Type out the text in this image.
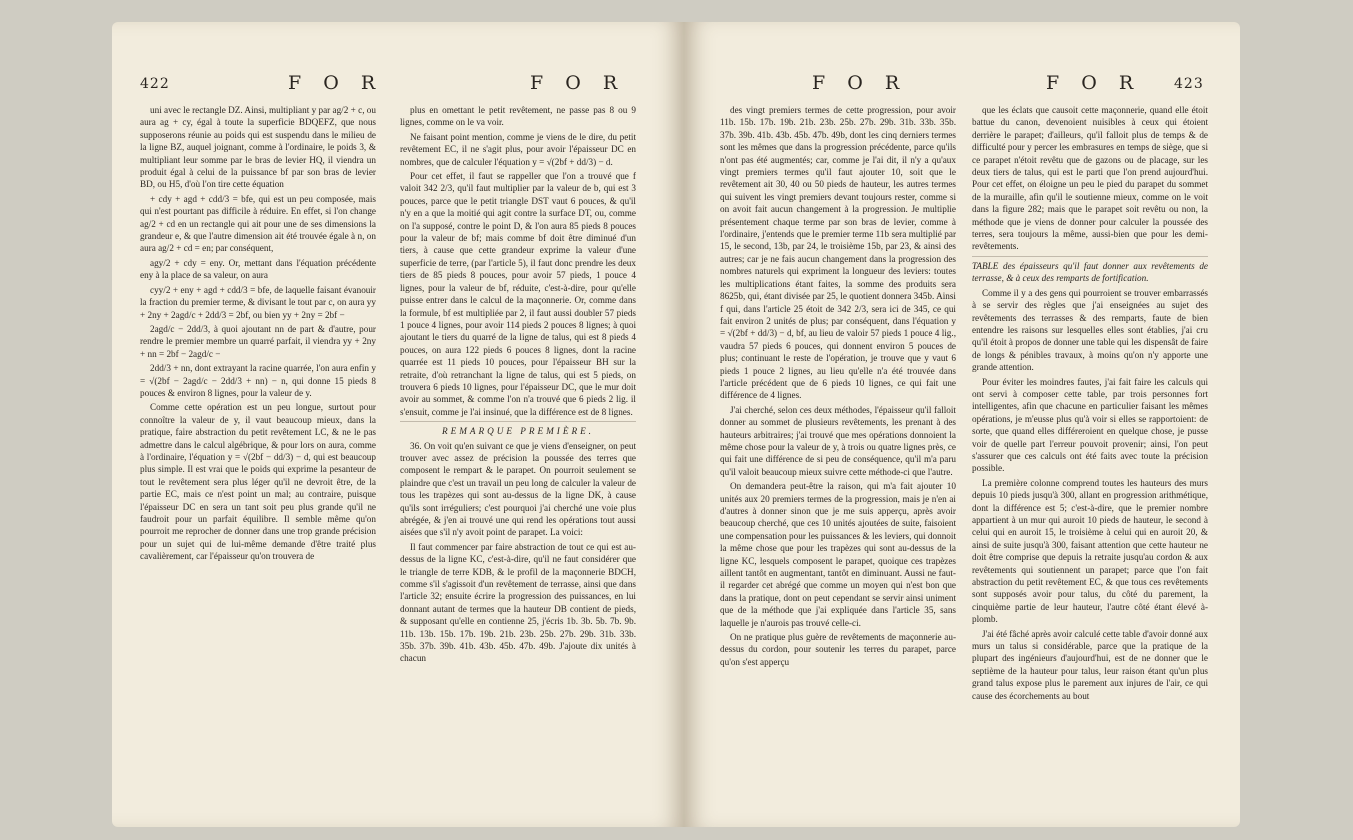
422	F O R	F O R

uni avec le rectangle DZ. Ainsi, multipliant y par ag/2 + c, ou aura ag + cy, égal à toute la superficie BDQEFZ, que nous supposerons réunie au poids qui est suspendu dans le milieu de la ligne BZ, auquel joignant, comme à l'ordinaire, le poids 3, & multipliant leur somme par le bras de levier HQ, il viendra un produit égal à celui de la puissance bf par son bras de levier BD, ou H5, d'où l'on tire cette équation

+ cdy + agd + cdd/3 = bfe, qui est un peu composée, mais qui n'est pourtant pas difficile à réduire. En effet, si l'on change ag/2 + cd en un rectangle qui ait pour une de ses dimensions la grandeur e, & que l'autre dimension ait été trouvée égale à n, on aura ag/2 + cd = en; par conséquent,

agy/2 + cdy = eny. Or, mettant dans l'équation précédente eny à la place de sa valeur, on aura

cyy/2 + eny + agd + cdd/3 = bfe, de laquelle faisant évanouir la fraction du premier terme, & divisant le tout par c, on aura yy + 2ny + 2agd/c + 2dd/3 = 2bf, ou bien yy + 2ny = 2bf −

2agd/c − 2dd/3, à quoi ajoutant nn de part & d'autre, pour rendre le premier membre un quarré parfait, il viendra yy + 2ny + nn = 2bf − 2agd/c −

2dd/3 + nn, dont extrayant la racine quarrée, l'on aura enfin y = √(2bf − 2agd/c − 2dd/3 + nn) − n, qui donne 15 pieds 8 pouces & environ 8 lignes, pour la valeur de y.

Comme cette opération est un peu longue, surtout pour connoître la valeur de y, il vaut beaucoup mieux, dans la pratique, faire abstraction du petit revêtement LC, & ne le pas admettre dans le calcul algébrique, & pour lors on aura, comme à l'ordinaire, l'équation y = √(2bf − dd/3) − d, qui est beaucoup plus simple. Il est vrai que le poids qui exprime la pesanteur de tout le revêtement sera plus léger qu'il ne devroit être, de la partie EC, mais ce n'est point un mal; au contraire, puisque l'épaisseur DC en sera un tant soit peu plus grande qu'il ne faudroit pour un parfait équilibre. Il semble même qu'on pourroit me reprocher de donner dans une trop grande précision pour un sujet qui de lui-même demande d'être traité plus cavalièrement, car l'épaisseur qu'on trouvera de

plus en omettant le petit revêtement, ne passe pas 8 ou 9 lignes, comme on le va voir.

Ne faisant point mention, comme je viens de le dire, du petit revêtement EC, il ne s'agit plus, pour avoir l'épaisseur DC en nombres, que de calculer l'équation y = √(2bf + dd/3) − d.

Pour cet effet, il faut se rappeller que l'on a trouvé que f valoit 342 2/3, qu'il faut multiplier par la valeur de b, qui est 3 pouces, parce que le petit triangle DST vaut 6 pouces, & qu'il n'y en a que la moitié qui agit contre la surface DT, ou, comme on l'a supposé, contre le point D, & l'on aura 85 pieds 8 pouces pour la valeur de bf; mais comme bf doit être diminué d'un tiers, à cause que cette grandeur exprime la valeur d'une superficie de terre, (par l'article 5), il faut donc prendre les deux tiers de 85 pieds 8 pouces, pour avoir 57 pieds, 1 pouce 4 lignes, pour la valeur de bf, réduite, c'est-à-dire, pour qu'elle puisse entrer dans le calcul de la maçonnerie. Or, comme dans la formule, bf est multipliée par 2, il faut aussi doubler 57 pieds 1 pouce 4 lignes, pour avoir 114 pieds 2 pouces 8 lignes; à quoi ajoutant le tiers du quarré de la ligne de talus, qui est 8 pieds 4 pouces, on aura 122 pieds 6 pouces 8 lignes, dont la racine quarrée est 11 pieds 10 pouces, pour l'épaisseur BH sur la retraite, d'où retranchant la ligne de talus, qui est 5 pieds, on trouvera 6 pieds 10 lignes, pour l'épaisseur DC, que le mur doit avoir au sommet, & comme l'on n'a trouvé que 6 pieds 2 lig. il s'ensuit, comme je l'ai insinué, que la différence est de 8 lignes.

REMARQUE PREMIÈRE.

36. On voit qu'en suivant ce que je viens d'enseigner, on peut trouver avec assez de précision la poussée des terres que composent le rempart & le parapet. On pourroit seulement se plaindre que c'est un travail un peu long de calculer la valeur de tous les trapèzes qui sont au-dessus de la ligne DK, à cause qu'ils sont irréguliers; c'est pourquoi j'ai cherché une voie plus abrégée, & j'en ai trouvé une qui rend les opérations tout aussi aisées que s'il n'y avoit point de parapet. La voici:

Il faut commencer par faire abstraction de tout ce qui est au-dessus de la ligne KC, c'est-à-dire, qu'il ne faut considérer que le triangle de terre KDB, & le profil de la maçonnerie BDCH, comme s'il s'agissoit d'un revêtement de terrasse, ainsi que dans l'article 32; ensuite écrire la progression des puissances, en lui donnant autant de termes que la hauteur DB contient de pieds, & supposant qu'elle en contienne 25, j'écris 1b. 3b. 5b. 7b. 9b. 11b. 13b. 15b. 17b. 19b. 21b. 23b. 25b. 27b. 29b. 31b. 33b. 35b. 37b. 39b. 41b. 43b. 45b. 47b. 49b. J'ajoute dix unités à chacun

F O R	F O R 423

des vingt premiers termes de cette progression, pour avoir 11b. 15b. 17b. 19b. 21b. 23b. 25b. 27b. 29b. 31b. 33b. 35b. 37b. 39b. 41b. 43b. 45b. 47b. 49b, dont les cinq derniers termes sont les mêmes que dans la progression précédente, parce qu'ils n'ont pas été augmentés; car, comme je l'ai dit, il n'y a qu'aux vingt premiers termes qu'il faut ajouter 10, soit que le revêtement ait 30, 40 ou 50 pieds de hauteur, les autres termes qui suivent les vingt premiers devant toujours rester, comme si on avoit fait aucun changement à la progression. Je multiplie présentement chaque terme par son bras de levier, comme à l'ordinaire, j'entends que le premier terme 11b sera multiplié par 15, le second, 13b, par 24, le troisième 15b, par 23, & ainsi des autres; car je ne fais aucun changement dans la progression des nombres naturels qui expriment la longueur des leviers: toutes les multiplications étant faites, la somme des produits sera 8625b, qui, étant divisée par 25, le quotient donnera 345b. Ainsi f qui, dans l'article 25 étoit de 342 2/3, sera ici de 345, ce qui fait environ 2 unités de plus; par conséquent, dans l'équation y = √(2bf + dd/3) − d, bf, au lieu de valoir 57 pieds 1 pouce 4 lig., vaudra 57 pieds 6 pouces, qui donnent environ 5 pouces de plus; continuant le reste de l'opération, je trouve que y vaut 6 pieds 1 pouce 2 lignes, au lieu qu'elle n'a été trouvée dans l'article précédent que de 6 pieds 10 lignes, ce qui fait une différence de 4 lignes.

J'ai cherché, selon ces deux méthodes, l'épaisseur qu'il falloit donner au sommet de plusieurs revêtements, les prenant à des hauteurs arbitraires; j'ai trouvé que mes opérations donnoient la même chose pour la valeur de y, à trois ou quatre lignes près, ce qui fait une différence de si peu de conséquence, qu'il m'a paru qu'il valoit beaucoup mieux suivre cette méthode-ci que l'autre.

On demandera peut-être la raison, qui m'a fait ajouter 10 unités aux 20 premiers termes de la progression, mais je n'en ai d'autres à donner sinon que je me suis apperçu, après avoir beaucoup cherché, que ces 10 unités ajoutées de suite, faisoient une compensation pour les puissances & les leviers, qui donnoit la même chose que pour les trapèzes qui sont au-dessus de la ligne KC, lesquels composent le parapet, quoique ces trapèzes aillent tantôt en augmentant, tantôt en diminuant. Aussi ne faut-il regarder cet abrégé que comme un moyen qui n'est bon que dans la pratique, dont on peut cependant se servir ainsi uniment que de la méthode que j'ai expliquée dans l'article 35, sans laquelle je n'aurois pas trouvé celle-ci.

On ne pratique plus guère de revêtements de maçonnerie au-dessus du cordon, pour soutenir les terres du parapet, parce qu'on s'est apperçu

que les éclats que causoit cette maçonnerie, quand elle étoit battue du canon, devenoient nuisibles à ceux qui étoient derrière le parapet; d'ailleurs, qu'il falloit plus de temps & de difficulté pour y percer les embrasures en temps de siège, que si ce parapet n'étoit revêtu que de gazons ou de placage, sur les deux tiers de talus, qui est le parti que l'on prend aujourd'hui. Pour cet effet, on éloigne un peu le pied du parapet du sommet de la muraille, afin qu'il le soutienne mieux, comme on le voit dans la figure 282; mais que le parapet soit revêtu ou non, la méthode que je viens de donner pour calculer la poussée des terres, sera toujours la même, aussi-bien que pour les demi-revêtements.

TABLE des épaisseurs qu'il faut donner aux revêtements de terrasse, & à ceux des remparts de fortification.

Comme il y a des gens qui pourroient se trouver embarrassés à se servir des règles que j'ai enseignées au sujet des revêtements des terrasses & des remparts, faute de bien entendre les raisons sur lesquelles elles sont établies, j'ai cru qu'il étoit à propos de donner une table qui les dispensât de faire de longs & pénibles travaux, à moins qu'on n'y apporte une grande attention.

Pour éviter les moindres fautes, j'ai fait faire les calculs qui ont servi à composer cette table, par trois personnes fort intelligentes, afin que chacune en particulier faisant les mêmes opérations, je m'eusse plus qu'à voir si elles se rapportoient: de sorte, que quand elles différeroient en quelque chose, je pusse voir de quelle part l'erreur pouvoit provenir; ainsi, l'on peut s'assurer que ces calculs ont été faits avec toute la précision possible.

La première colonne comprend toutes les hauteurs des murs depuis 10 pieds jusqu'à 300, allant en progression arithmétique, dont la différence est 5; c'est-à-dire, que le premier nombre appartient à un mur qui auroit 10 pieds de hauteur, le second à celui qui en auroit 15, le troisième à celui qui en auroit 20, & ainsi de suite jusqu'à 300, faisant attention que cette hauteur ne doit être comprise que depuis la retraite jusqu'au cordon & aux revêtements qui soutiennent un parapet; parce que l'on fait abstraction du petit revêtement EC, & que tous ces revêtements sont supposés avoir pour talus, du côté du parement, la cinquième partie de leur hauteur, l'autre côté étant élevé à-plomb.

J'ai été fâché après avoir calculé cette table d'avoir donné aux murs un talus si considérable, parce que la pratique de la plupart des ingénieurs d'aujourd'hui, est de ne donner que le septième de la hauteur pour talus, leur raison étant qu'un plus grand talus expose plus le parement aux injures de l'air, ce qui cause des écorchements au bout
